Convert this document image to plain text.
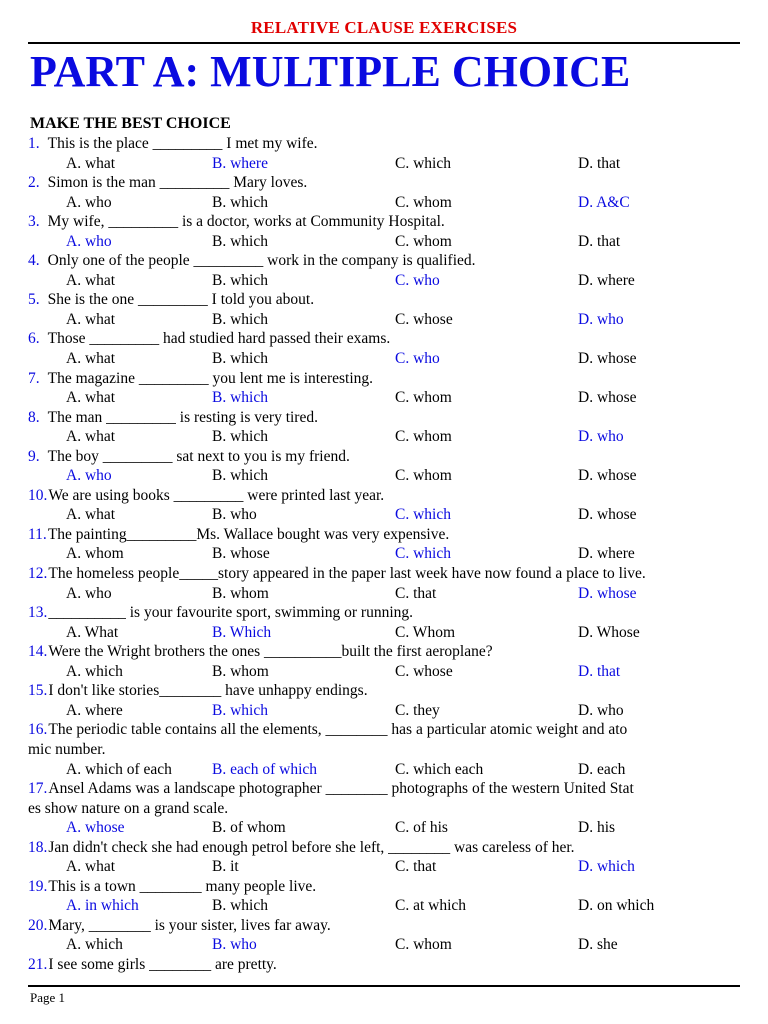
RELATIVE CLAUSE EXERCISES
PART A: MULTIPLE CHOICE
MAKE THE BEST CHOICE
1. This is the place _________ I met my wife.
A. what	B. where	C. which	D. that
2. Simon is the man _________ Mary loves.
A. who	B. which	C. whom	D. A&C
3. My wife, _________ is a doctor, works at Community Hospital.
A. who	B. which	C. whom	D. that
4. Only one of the people _________ work in the company is qualified.
A. what	B. which	C. who	D. where
5. She is the one _________ I told you about.
A. what	B. which	C. whose	D. who
6. Those _________ had studied hard passed their exams.
A. what	B. which	C. who	D. whose
7. The magazine _________ you lent me is interesting.
A. what	B. which	C. whom	D. whose
8. The man _________ is resting is very tired.
A. what	B. which	C. whom	D. who
9. The boy _________ sat next to you is my friend.
A. who	B. which	C. whom	D. whose
10.We are using books _________ were printed last year.
A. what	B. who	C. which	D. whose
11.The painting_________Ms. Wallace bought was very expensive.
A. whom	B. whose	C. which	D. where
12.The homeless people_____story appeared in the paper last week have now found a place to live.
A. who	B. whom	C. that	D. whose
13.__________ is your favourite sport, swimming or running.
A. What	B. Which	C. Whom	D. Whose
14.Were the Wright brothers the ones __________built the first aeroplane?
A. which	B. whom	C. whose	D. that
15.I don't like stories________ have unhappy endings.
A. where	B. which	C. they	D. who
16.The periodic table contains all the elements, ________ has a particular atomic weight and ato
mic number.
A. which of each	B. each of which	C. which each	D. each
17.Ansel Adams was a landscape photographer ________ photographs of the western United Stat
es show nature on a grand scale.
A. whose	B. of whom	C. of his	D. his
18.Jan didn't check she had enough petrol before she left, ________ was careless of her.
A. what	B. it	C. that	D. which
19.This is a town ________ many people live.
A. in which	B. which	C. at which	D. on which
20.Mary, ________ is your sister, lives far away.
A. which	B. who	C. whom	D. she
21.I see some girls ________ are pretty.
Page 1
